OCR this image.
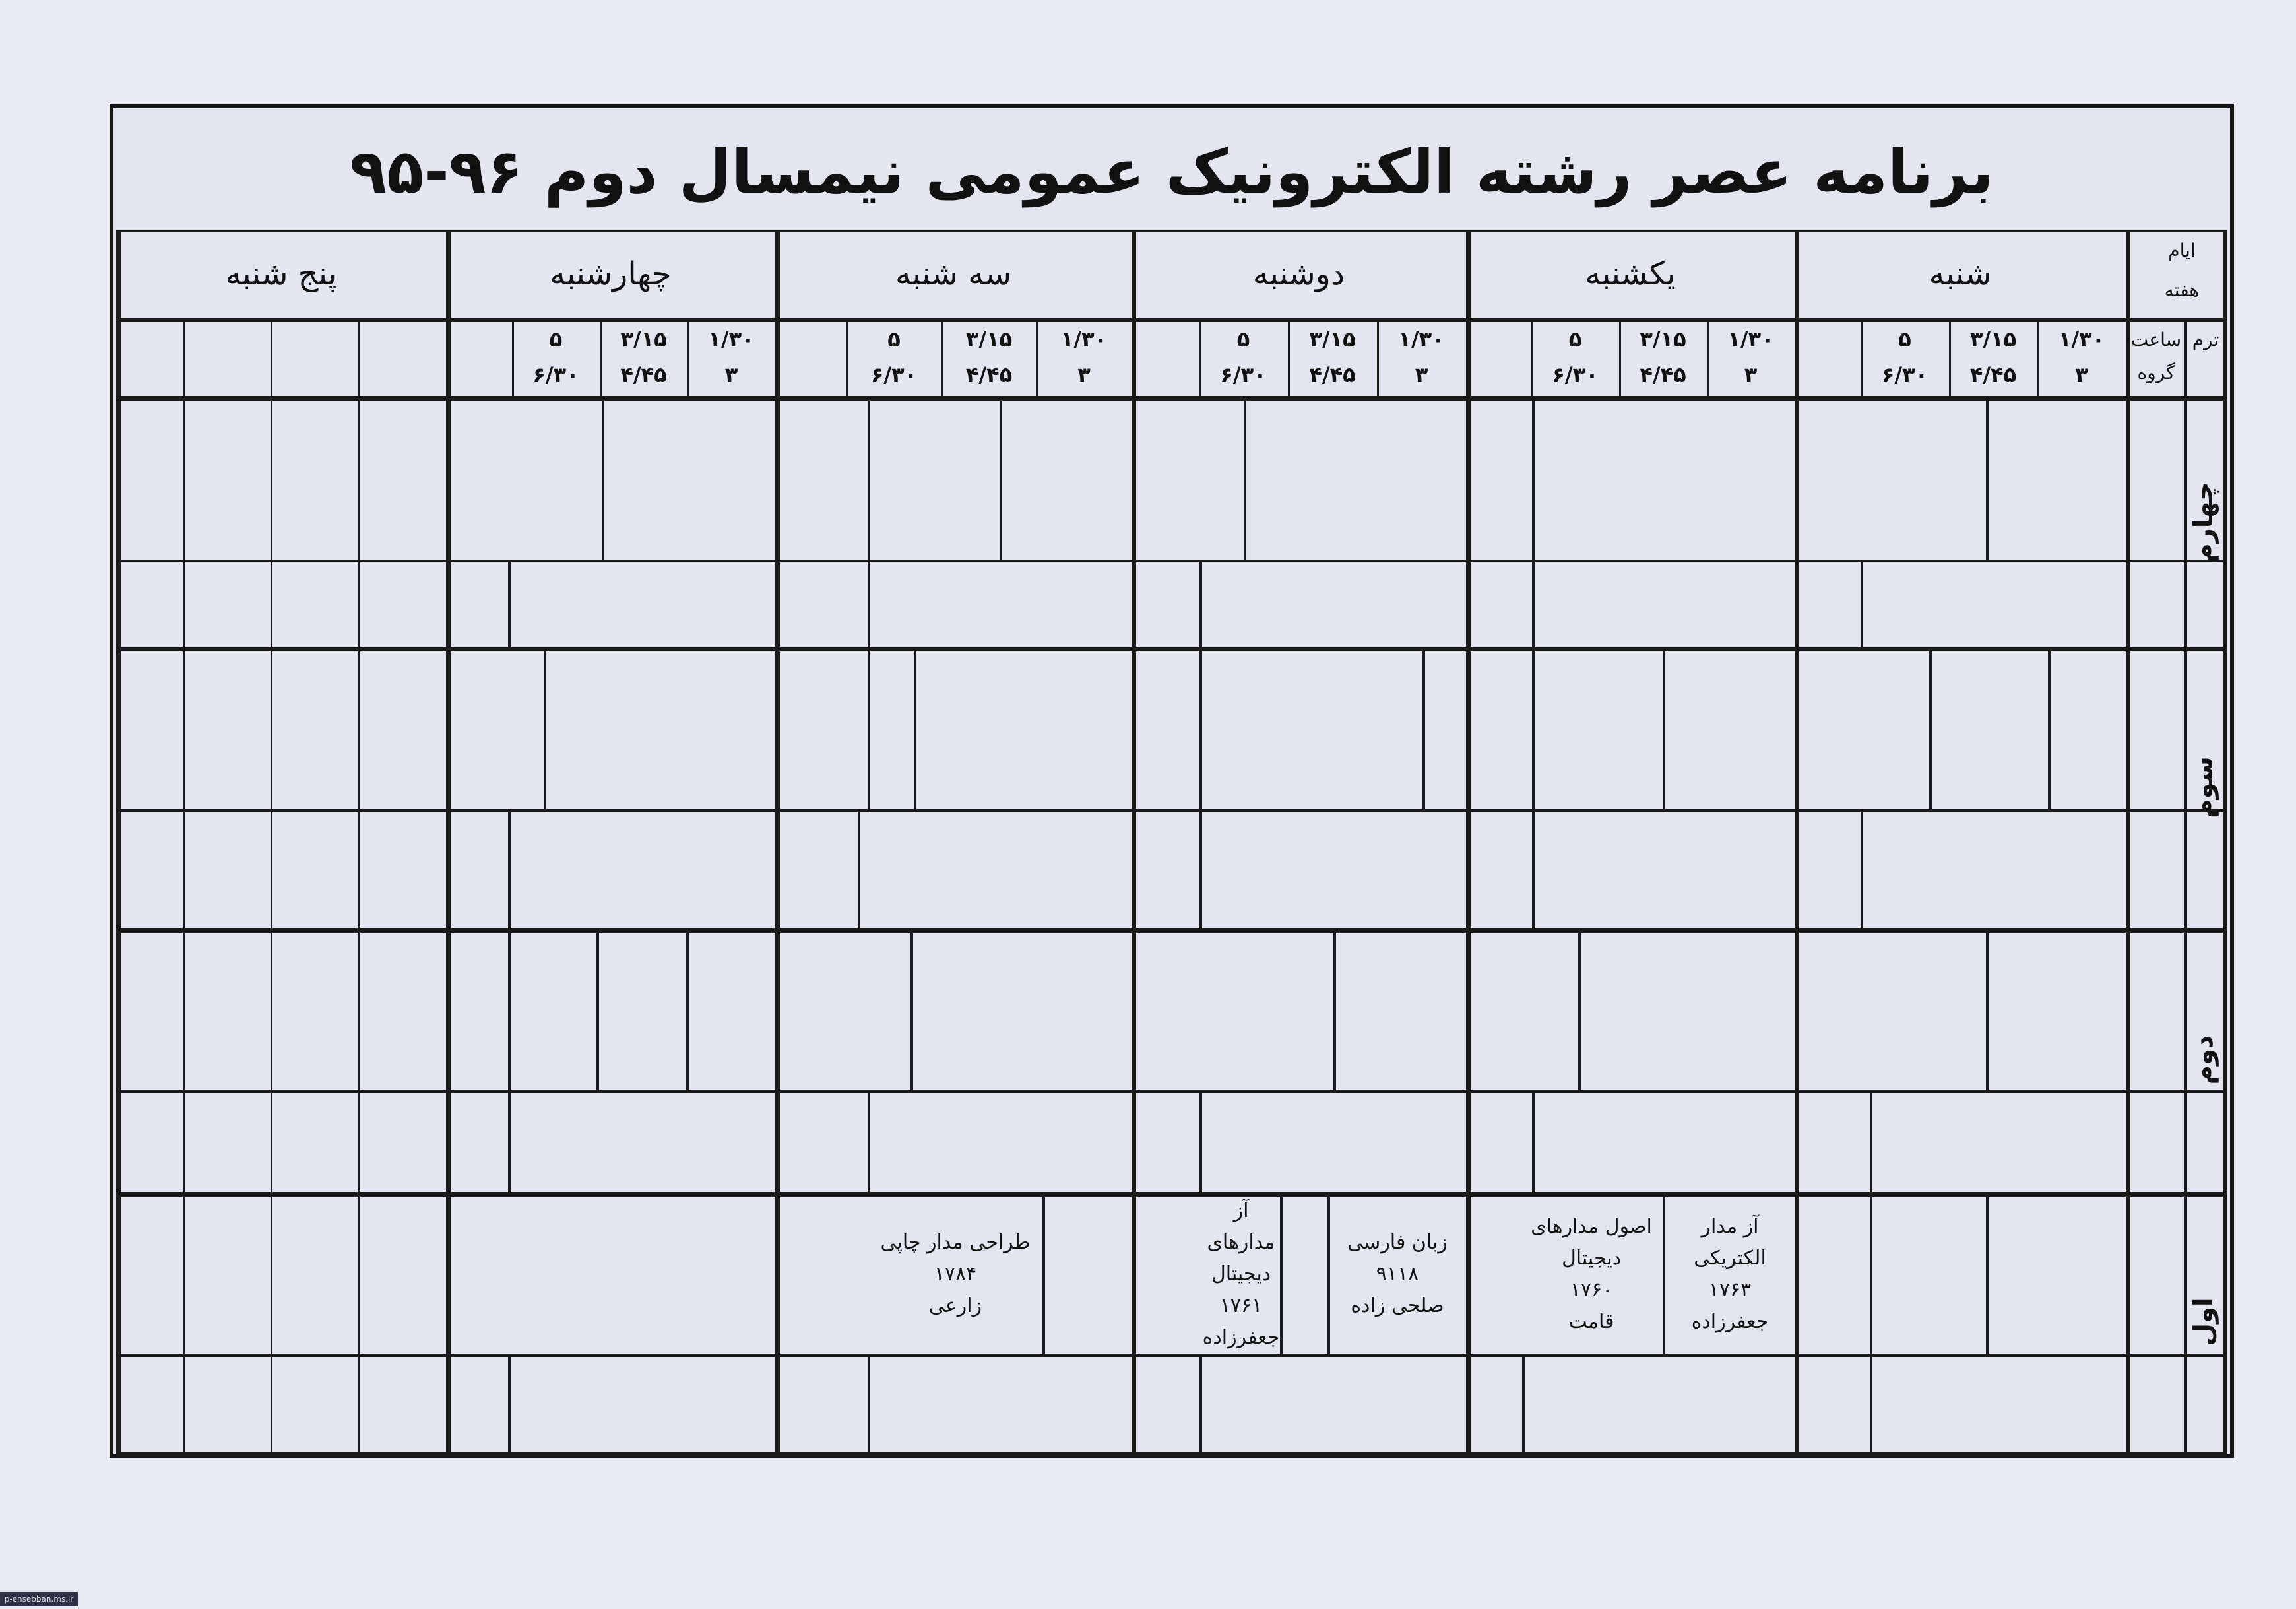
برنامه عصر رشته الکترونیک عمومی نیمسال دوم ۹۶-۹۵
شنبه
یکشنبه
دوشنبه
سه شنبه
چهارشنبه
پنج شنبه
ایام
هفته
ترم
ساعت
گروه
۱/۳۰
۳
۳/۱۵
۴/۴۵
۵
۶/۳۰
۱/۳۰
۳
۳/۱۵
۴/۴۵
۵
۶/۳۰
۱/۳۰
۳
۳/۱۵
۴/۴۵
۵
۶/۳۰
۱/۳۰
۳
۳/۱۵
۴/۴۵
۵
۶/۳۰
۱/۳۰
۳
۳/۱۵
۴/۴۵
۵
۶/۳۰
چهارم
سوم
دوم
اول
آز مدار الکتریکی
۱۷۶۳
جعفرزاده
اصول مدارهای دیجیتال
۱۷۶۰
قامت
زبان فارسی
۹۱۱۸
صلحی زاده
آز مدارهای دیجیتال
۱۷۶۱
جعفرزاده
طراحی مدار چاپی
۱۷۸۴
زارعی
p-ensebban.ms.ir
